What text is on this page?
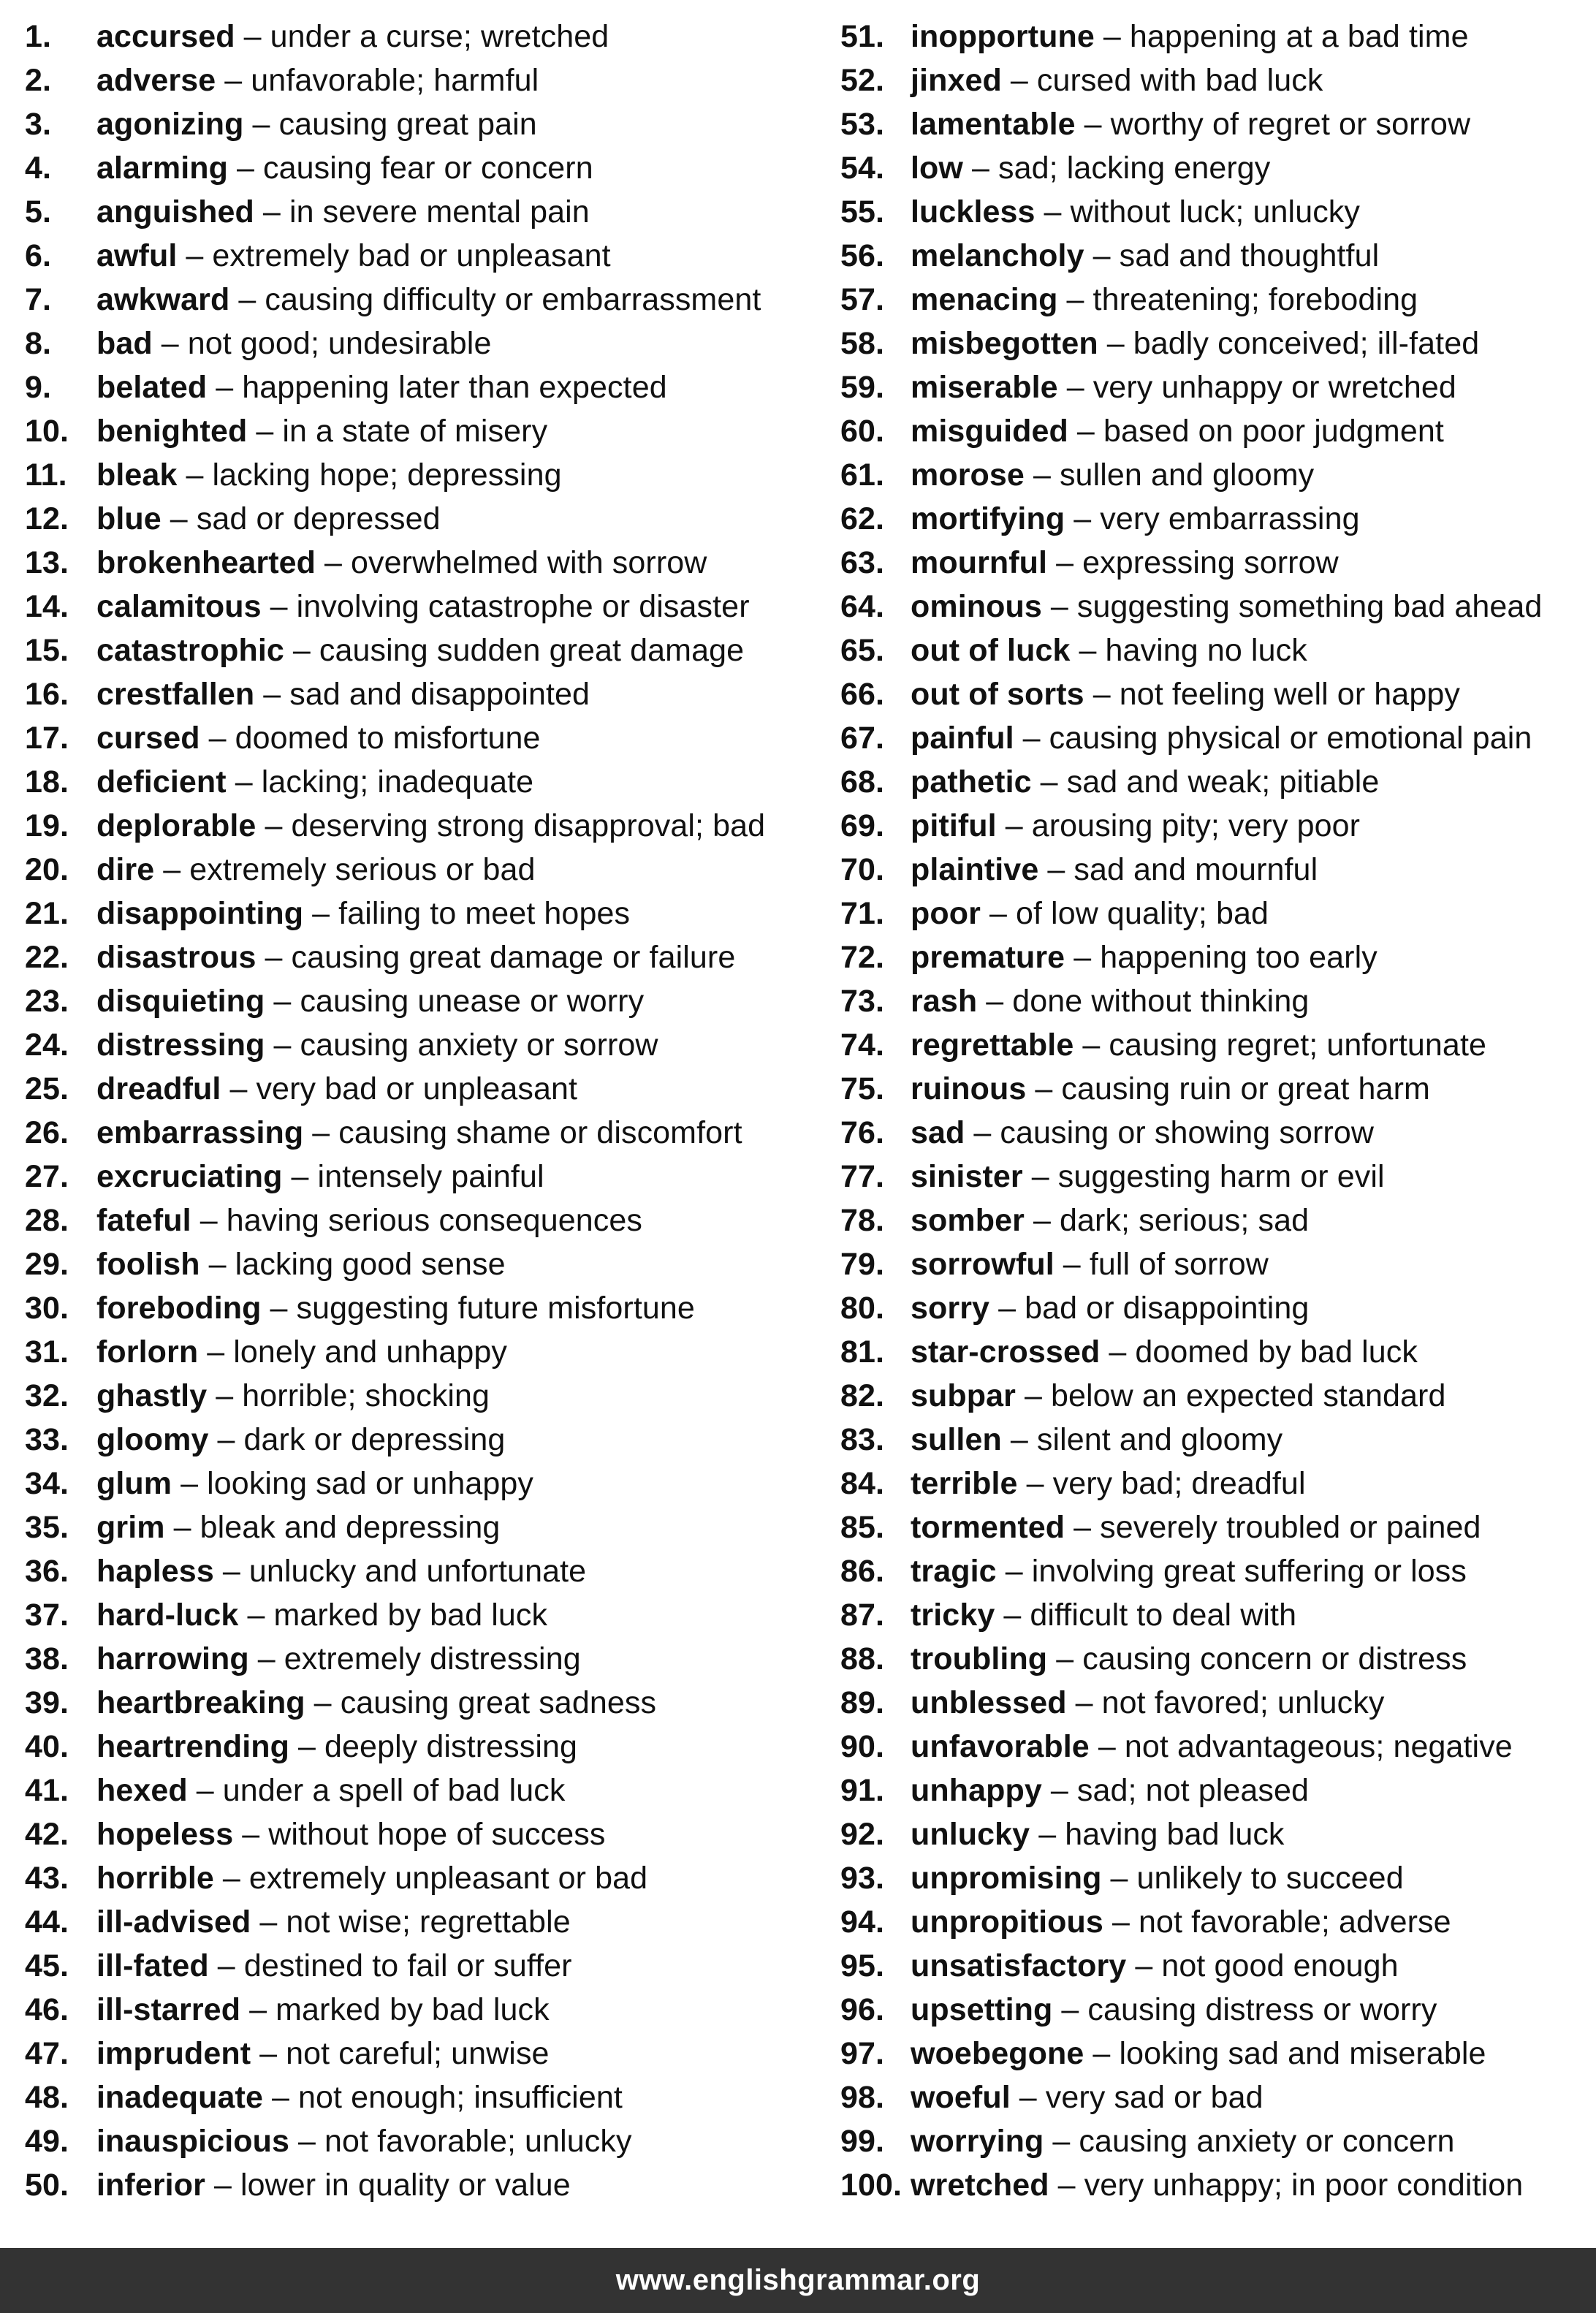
1.	accursed – under a curse; wretched
2.	adverse – unfavorable; harmful
3.	agonizing – causing great pain
4.	alarming – causing fear or concern
5.	anguished – in severe mental pain
6.	awful – extremely bad or unpleasant
7.	awkward – causing difficulty or embarrassment
8.	bad – not good; undesirable
9.	belated – happening later than expected
10. benighted – in a state of misery
11. bleak – lacking hope; depressing
12. blue – sad or depressed
13. brokenhearted – overwhelmed with sorrow
14. calamitous – involving catastrophe or disaster
15. catastrophic – causing sudden great damage
16. crestfallen – sad and disappointed
17. cursed – doomed to misfortune
18. deficient – lacking; inadequate
19. deplorable – deserving strong disapproval; bad
20. dire – extremely serious or bad
21. disappointing – failing to meet hopes
22. disastrous – causing great damage or failure
23. disquieting – causing unease or worry
24. distressing – causing anxiety or sorrow
25. dreadful – very bad or unpleasant
26. embarrassing – causing shame or discomfort
27. excruciating – intensely painful
28. fateful – having serious consequences
29. foolish – lacking good sense
30. foreboding – suggesting future misfortune
31. forlorn – lonely and unhappy
32. ghastly – horrible; shocking
33. gloomy – dark or depressing
34. glum – looking sad or unhappy
35. grim – bleak and depressing
36. hapless – unlucky and unfortunate
37. hard-luck – marked by bad luck
38. harrowing – extremely distressing
39. heartbreaking – causing great sadness
40. heartrending – deeply distressing
41. hexed – under a spell of bad luck
42. hopeless – without hope of success
43. horrible – extremely unpleasant or bad
44. ill-advised – not wise; regrettable
45. ill-fated – destined to fail or suffer
46. ill-starred – marked by bad luck
47. imprudent – not careful; unwise
48. inadequate – not enough; insufficient
49. inauspicious – not favorable; unlucky
50. inferior – lower in quality or value
51. inopportune – happening at a bad time
52. jinxed – cursed with bad luck
53. lamentable – worthy of regret or sorrow
54. low – sad; lacking energy
55. luckless – without luck; unlucky
56. melancholy – sad and thoughtful
57. menacing – threatening; foreboding
58. misbegotten – badly conceived; ill-fated
59. miserable – very unhappy or wretched
60. misguided – based on poor judgment
61. morose – sullen and gloomy
62. mortifying – very embarrassing
63. mournful – expressing sorrow
64. ominous – suggesting something bad ahead
65. out of luck – having no luck
66. out of sorts – not feeling well or happy
67. painful – causing physical or emotional pain
68. pathetic – sad and weak; pitiable
69. pitiful – arousing pity; very poor
70. plaintive – sad and mournful
71. poor – of low quality; bad
72. premature – happening too early
73. rash – done without thinking
74. regrettable – causing regret; unfortunate
75. ruinous – causing ruin or great harm
76. sad – causing or showing sorrow
77. sinister – suggesting harm or evil
78. somber – dark; serious; sad
79. sorrowful – full of sorrow
80. sorry – bad or disappointing
81. star-crossed – doomed by bad luck
82. subpar – below an expected standard
83. sullen – silent and gloomy
84. terrible – very bad; dreadful
85. tormented – severely troubled or pained
86. tragic – involving great suffering or loss
87. tricky – difficult to deal with
88. troubling – causing concern or distress
89. unblessed – not favored; unlucky
90. unfavorable – not advantageous; negative
91. unhappy – sad; not pleased
92. unlucky – having bad luck
93. unpromising – unlikely to succeed
94. unpropitious – not favorable; adverse
95. unsatisfactory – not good enough
96. upsetting – causing distress or worry
97. woebegone – looking sad and miserable
98. woeful – very sad or bad
99. worrying – causing anxiety or concern
100. wretched – very unhappy; in poor condition
www.englishgrammar.org
